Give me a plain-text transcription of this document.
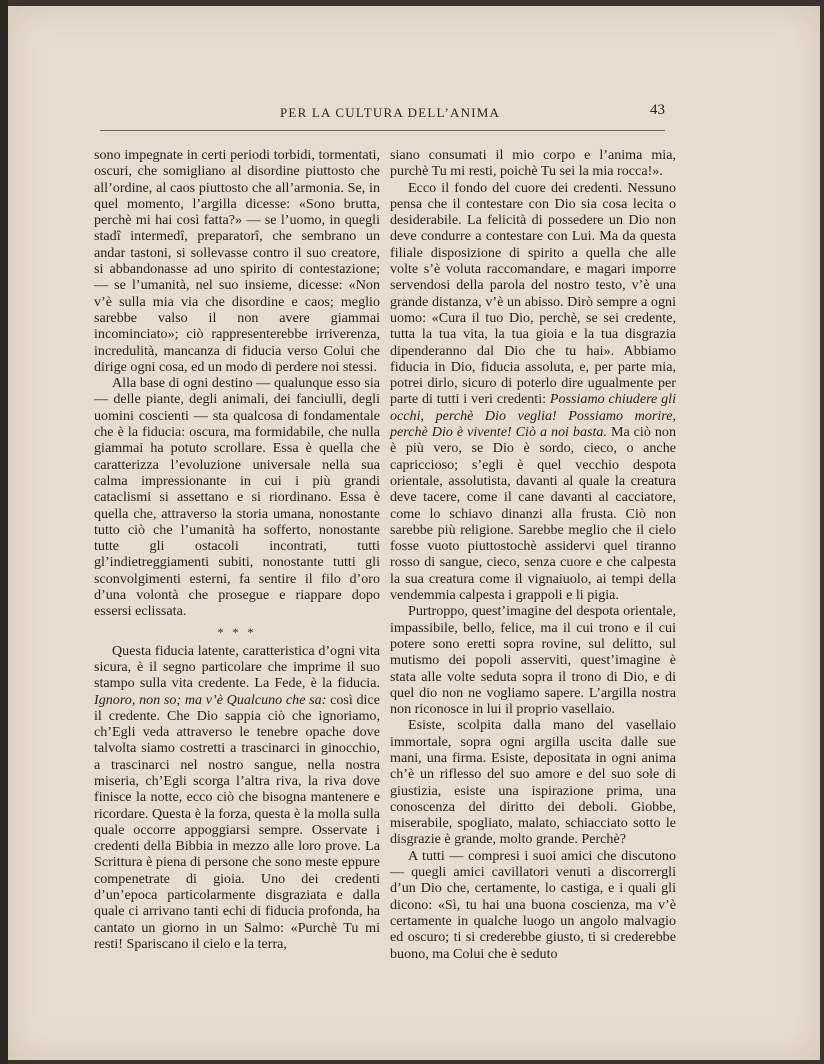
PER LA CULTURA DELL’ANIMA	43

sono impegnate in certi periodi torbidi, tormentati, oscuri, che somigliano al disordine piuttosto che all’ordine, al caos piuttosto che all’armonia. Se, in quel momento, l’argilla dicesse: «Sono brutta, perchè mi hai così fatta?» — se l’uomo, in quegli stadî intermedî, preparatorî, che sembrano un andar tastoni, si sollevasse contro il suo creatore, si abbandonasse ad uno spirito di contestazione; — se l’umanità, nel suo insieme, dicesse: «Non v’è sulla mia via che disordine e caos; meglio sarebbe valso il non avere giammai incominciato»; ciò rappresenterebbe irriverenza, incredulità, mancanza di fiducia verso Colui che dirige ogni cosa, ed un modo di perdere noi stessi.

Alla base di ogni destino — qualunque esso sia — delle piante, degli animali, dei fanciulli, degli uomini coscienti — sta qualcosa di fondamentale che è la fiducia: oscura, ma formidabile, che nulla giammai ha potuto scrollare. Essa è quella che caratterizza l’evoluzione universale nella sua calma impressionante in cui i più grandi cataclismi si assettano e si riordinano. Essa è quella che, attraverso la storia umana, nonostante tutto ciò che l’umanità ha sofferto, nonostante tutte gli ostacoli incontrati, tutti gl’indietreggiamenti subiti, nonostante tutti gli sconvolgimenti esterni, fa sentire il filo d’oro d’una volontà che prosegue e riappare dopo essersi eclissata.

* * *

Questa fiducia latente, caratteristica d’ogni vita sicura, è il segno particolare che imprime il suo stampo sulla vita credente. La Fede, è la fiducia. Ignoro, non so; ma v’è Qualcuno che sa: così dice il credente. Che Dio sappia ciò che ignoriamo, ch’Egli veda attraverso le tenebre opache dove talvolta siamo costretti a trascinarci in ginocchio, a trascinarci nel nostro sangue, nella nostra miseria, ch’Egli scorga l’altra riva, la riva dove finisce la notte, ecco ciò che bisogna mantenere e ricordare. Questa è la forza, questa è la molla sulla quale occorre appoggiarsi sempre. Osservate i credenti della Bibbia in mezzo alle loro prove. La Scrittura è piena di persone che sono meste eppure compenetrate di gioia. Uno dei credenti d’un’epoca particolarmente disgraziata e dalla quale ci arrivano tanti echi di fiducia profonda, ha cantato un giorno in un Salmo: «Purchè Tu mi resti! Spariscano il cielo e la terra,

siano consumati il mio corpo e l’anima mia, purchè Tu mi resti, poichè Tu sei la mia rocca!».

Ecco il fondo del cuore dei credenti. Nessuno pensa che il contestare con Dio sia cosa lecita o desiderabile. La felicità di possedere un Dio non deve condurre a contestare con Lui. Ma da questa filiale disposizione di spirito a quella che alle volte s’è voluta raccomandare, e magari imporre servendosi della parola del nostro testo, v’è una grande distanza, v’è un abisso. Dirò sempre a ogni uomo: «Cura il tuo Dio, perchè, se sei credente, tutta la tua vita, la tua gioia e la tua disgrazia dipenderanno dal Dio che tu hai». Abbiamo fiducia in Dio, fiducia assoluta, e, per parte mia, potrei dirlo, sicuro di poterlo dire ugualmente per parte di tutti i veri credenti: Possiamo chiudere gli occhi, perchè Dio veglia! Possiamo morire, perchè Dio è vivente! Ciò a noi basta. Ma ciò non è più vero, se Dio è sordo, cieco, o anche capriccioso; s’egli è quel vecchio despota orientale, assolutista, davanti al quale la creatura deve tacere, come il cane davanti al cacciatore, come lo schiavo dinanzi alla frusta. Ciò non sarebbe più religione. Sarebbe meglio che il cielo fosse vuoto piuttostochè assidervi quel tiranno rosso di sangue, cieco, senza cuore e che calpesta la sua creatura come il vignaiuolo, ai tempi della vendemmia calpesta i grappoli e li pigia.

Purtroppo, quest’imagine del despota orientale, impassibile, bello, felice, ma il cui trono e il cui potere sono eretti sopra rovine, sul delitto, sul mutismo dei popoli asserviti, quest’imagine è stata alle volte seduta sopra il trono di Dio, e di quel dio non ne vogliamo sapere. L’argilla nostra non riconosce in lui il proprio vasellaio.

Esiste, scolpita dalla mano del vasellaio immortale, sopra ogni argilla uscita dalle sue mani, una firma. Esiste, depositata in ogni anima ch’è un riflesso del suo amore e del suo sole di giustizia, esiste una ispirazione prima, una conoscenza del diritto dei deboli. Giobbe, miserabile, spogliato, malato, schiacciato sotto le disgrazie è grande, molto grande. Perchè?

A tutti — compresi i suoi amici che discutono — quegli amici cavillatori venuti a discorrergli d’un Dio che, certamente, lo castiga, e i quali gli dicono: «Sì, tu hai una buona coscienza, ma v’è certamente in qualche luogo un angolo malvagio ed oscuro; ti si crederebbe giusto, ti si crederebbe buono, ma Colui che è seduto
